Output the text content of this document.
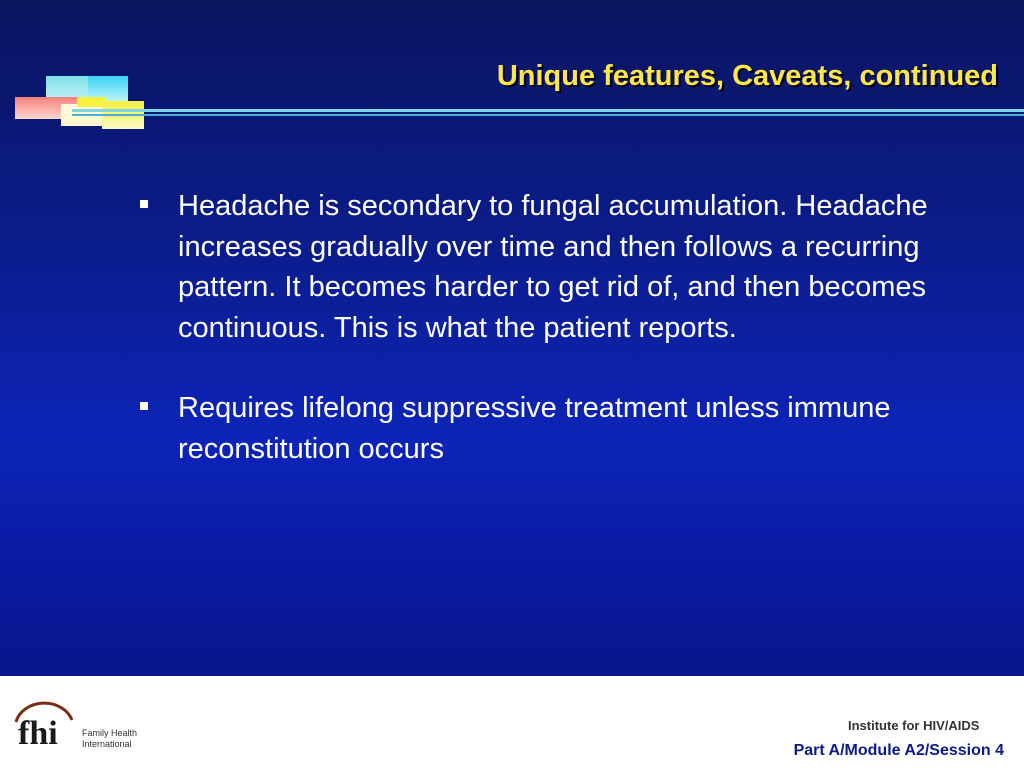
Unique features, Caveats, continued
Headache is secondary to fungal accumulation. Headache increases gradually over time and then follows a recurring pattern. It becomes harder to get rid of, and then becomes continuous. This is what the patient reports.
Requires lifelong suppressive treatment unless immune reconstitution occurs
fhi	Family Health
International
Institute for HIV/AIDS
Part A/Module A2/Session 4
